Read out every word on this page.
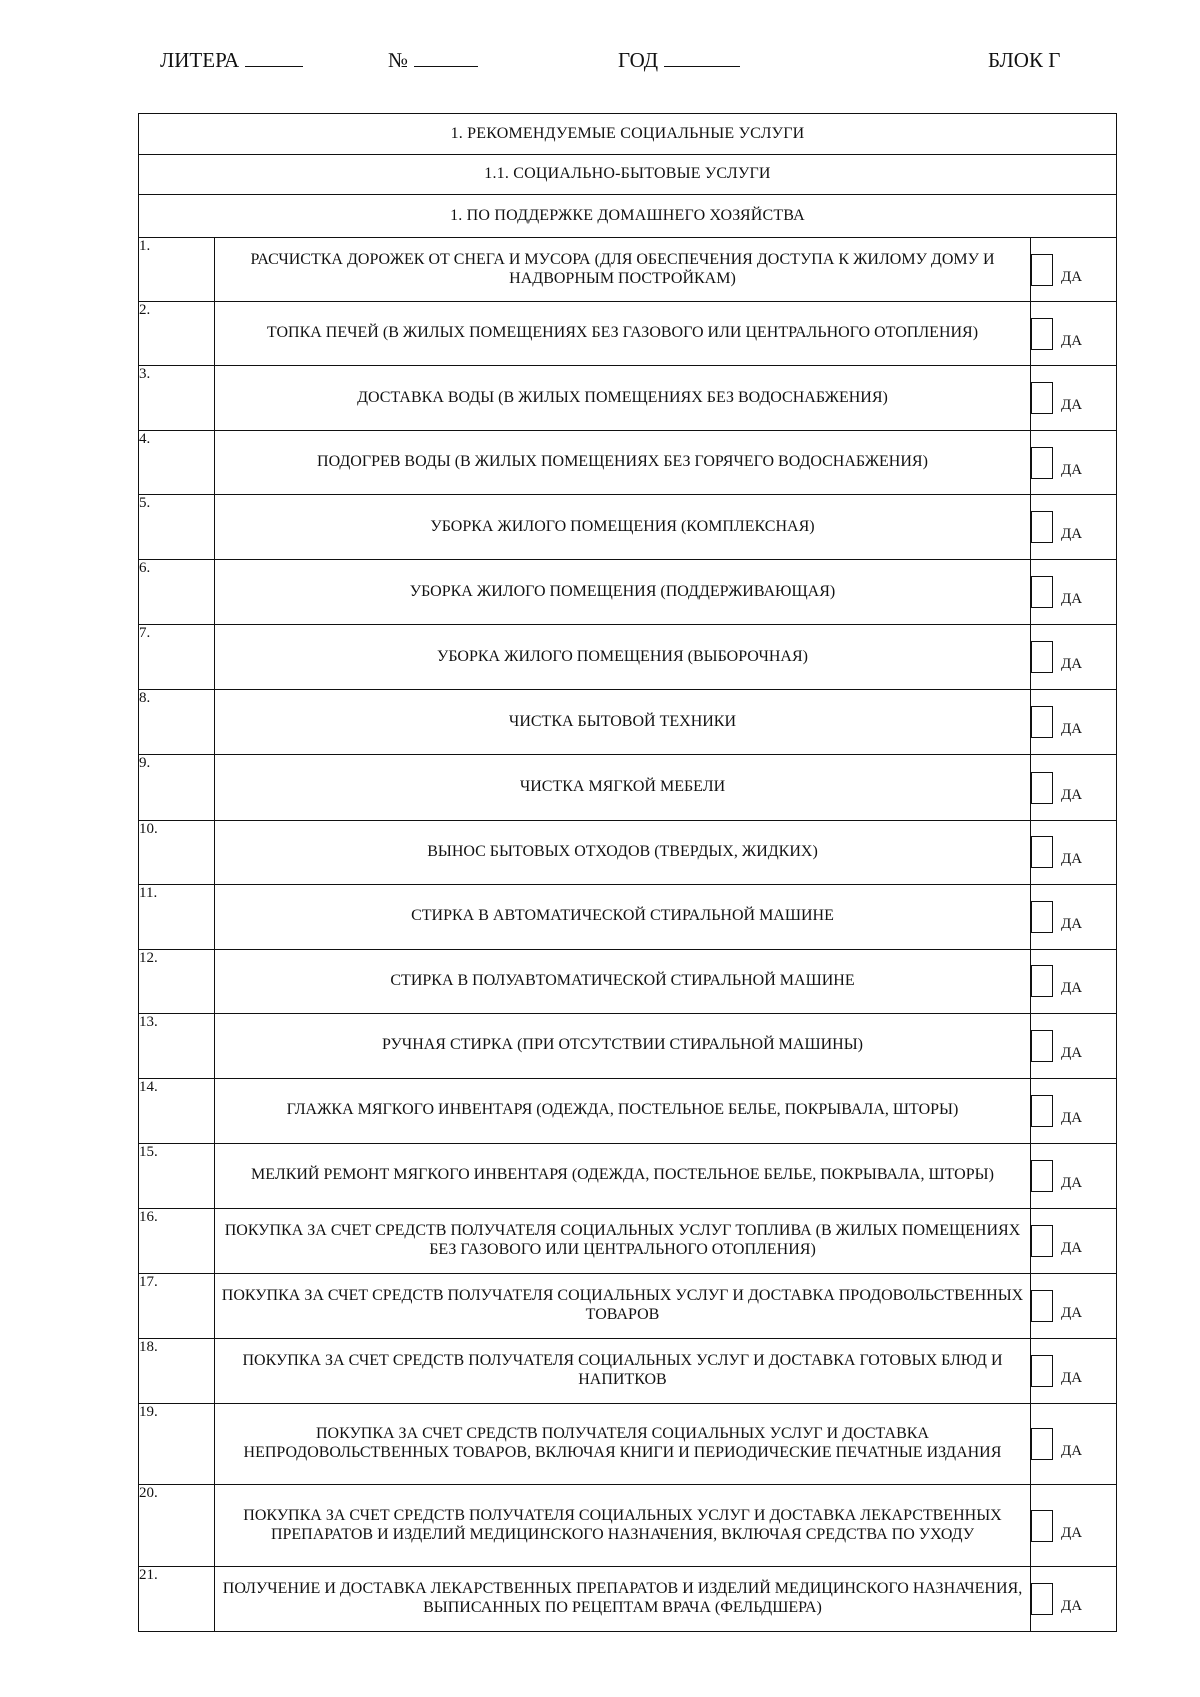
ЛИТЕРА	№	ГОД	БЛОК Г
1. РЕКОМЕНДУЕМЫЕ СОЦИАЛЬНЫЕ УСЛУГИ		
1.1. СОЦИАЛЬНО-БЫТОВЫЕ УСЛУГИ		
1. ПО ПОДДЕРЖКЕ ДОМАШНЕГО ХОЗЯЙСТВА		
1.	РАСЧИСТКА ДОРОЖЕК ОТ СНЕГА И МУСОРА (ДЛЯ ОБЕСПЕЧЕНИЯ ДОСТУПА К ЖИЛОМУ ДОМУ И НАДВОРНЫМ ПОСТРОЙКАМ)	ДА
2.	ТОПКА ПЕЧЕЙ (В ЖИЛЫХ ПОМЕЩЕНИЯХ БЕЗ ГАЗОВОГО ИЛИ ЦЕНТРАЛЬНОГО ОТОПЛЕНИЯ)	ДА
3.	ДОСТАВКА ВОДЫ (В ЖИЛЫХ ПОМЕЩЕНИЯХ БЕЗ ВОДОСНАБЖЕНИЯ)	ДА
4.	ПОДОГРЕВ ВОДЫ (В ЖИЛЫХ ПОМЕЩЕНИЯХ БЕЗ ГОРЯЧЕГО ВОДОСНАБЖЕНИЯ)	ДА
5.	УБОРКА ЖИЛОГО ПОМЕЩЕНИЯ (КОМПЛЕКСНАЯ)	ДА
6.	УБОРКА ЖИЛОГО ПОМЕЩЕНИЯ (ПОДДЕРЖИВАЮЩАЯ)	ДА
7.	УБОРКА ЖИЛОГО ПОМЕЩЕНИЯ (ВЫБОРОЧНАЯ)	ДА
8.	ЧИСТКА БЫТОВОЙ ТЕХНИКИ	ДА
9.	ЧИСТКА МЯГКОЙ МЕБЕЛИ	ДА
10.	ВЫНОС БЫТОВЫХ ОТХОДОВ (ТВЕРДЫХ, ЖИДКИХ)	ДА
11.	СТИРКА В АВТОМАТИЧЕСКОЙ СТИРАЛЬНОЙ МАШИНЕ	ДА
12.	СТИРКА В ПОЛУАВТОМАТИЧЕСКОЙ СТИРАЛЬНОЙ МАШИНЕ	ДА
13.	РУЧНАЯ СТИРКА (ПРИ ОТСУТСТВИИ СТИРАЛЬНОЙ МАШИНЫ)	ДА
14.	ГЛАЖКА МЯГКОГО ИНВЕНТАРЯ (ОДЕЖДА, ПОСТЕЛЬНОЕ БЕЛЬЕ, ПОКРЫВАЛА, ШТОРЫ)	ДА
15.	МЕЛКИЙ РЕМОНТ МЯГКОГО ИНВЕНТАРЯ (ОДЕЖДА, ПОСТЕЛЬНОЕ БЕЛЬЕ, ПОКРЫВАЛА, ШТОРЫ)	ДА
16.	ПОКУПКА ЗА СЧЕТ СРЕДСТВ ПОЛУЧАТЕЛЯ СОЦИАЛЬНЫХ УСЛУГ ТОПЛИВА (В ЖИЛЫХ ПОМЕЩЕНИЯХ БЕЗ ГАЗОВОГО ИЛИ ЦЕНТРАЛЬНОГО ОТОПЛЕНИЯ)	ДА
17.	ПОКУПКА ЗА СЧЕТ СРЕДСТВ ПОЛУЧАТЕЛЯ СОЦИАЛЬНЫХ УСЛУГ И ДОСТАВКА ПРОДОВОЛЬСТВЕННЫХ ТОВАРОВ	ДА
18.	ПОКУПКА ЗА СЧЕТ СРЕДСТВ ПОЛУЧАТЕЛЯ СОЦИАЛЬНЫХ УСЛУГ И ДОСТАВКА ГОТОВЫХ БЛЮД И НАПИТКОВ	ДА
19.	ПОКУПКА ЗА СЧЕТ СРЕДСТВ ПОЛУЧАТЕЛЯ СОЦИАЛЬНЫХ УСЛУГ И ДОСТАВКА НЕПРОДОВОЛЬСТВЕННЫХ ТОВАРОВ, ВКЛЮЧАЯ КНИГИ И ПЕРИОДИЧЕСКИЕ ПЕЧАТНЫЕ ИЗДАНИЯ	ДА
20.	ПОКУПКА ЗА СЧЕТ СРЕДСТВ ПОЛУЧАТЕЛЯ СОЦИАЛЬНЫХ УСЛУГ И ДОСТАВКА ЛЕКАРСТВЕННЫХ ПРЕПАРАТОВ И ИЗДЕЛИЙ МЕДИЦИНСКОГО НАЗНАЧЕНИЯ, ВКЛЮЧАЯ СРЕДСТВА ПО УХОДУ	ДА
21.	ПОЛУЧЕНИЕ И ДОСТАВКА ЛЕКАРСТВЕННЫХ ПРЕПАРАТОВ И ИЗДЕЛИЙ МЕДИЦИНСКОГО НАЗНАЧЕНИЯ, ВЫПИСАННЫХ ПО РЕЦЕПТАМ ВРАЧА (ФЕЛЬДШЕРА)	ДА
